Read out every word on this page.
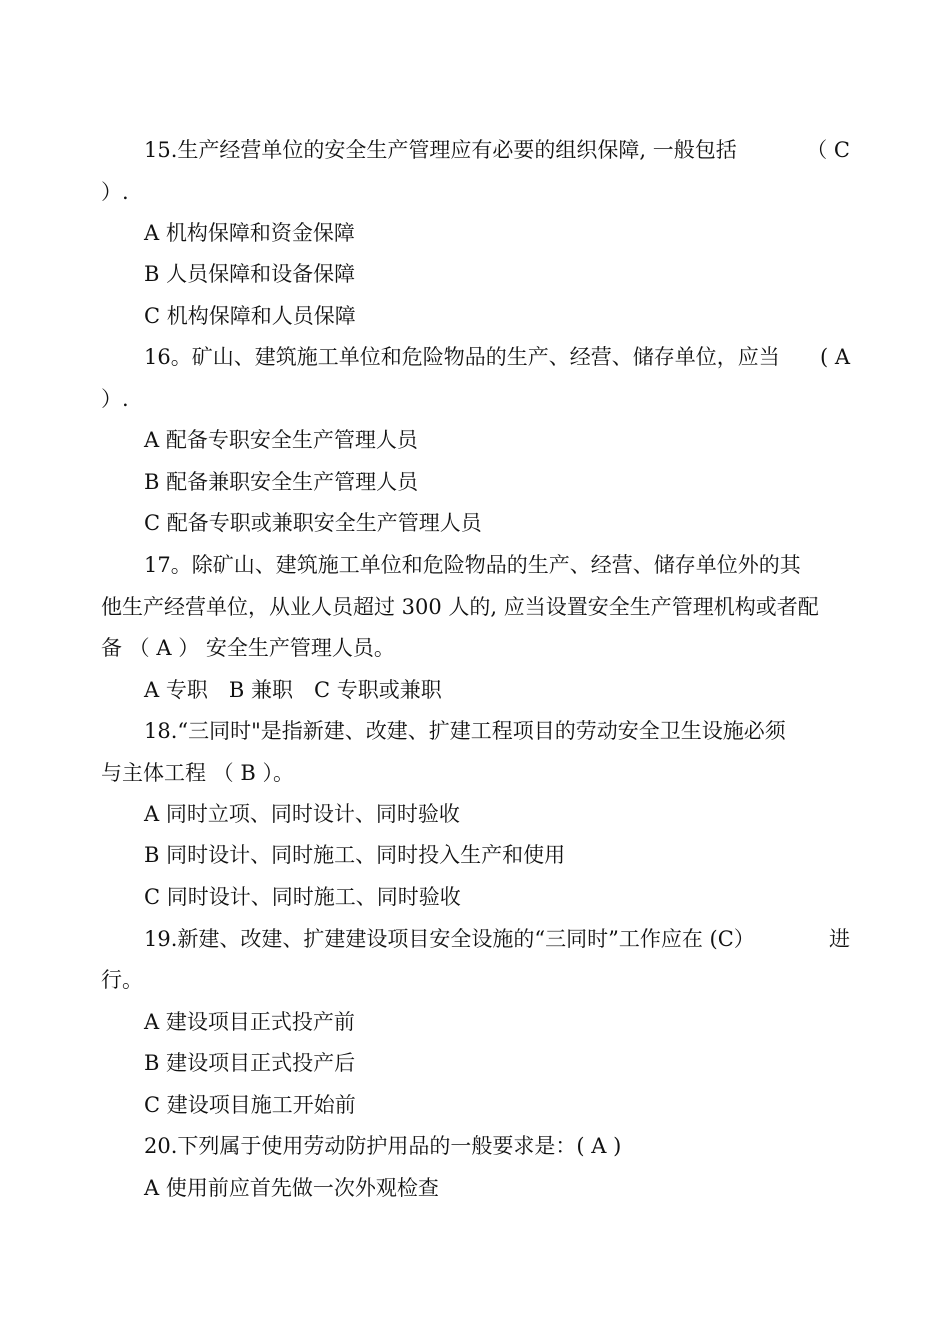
15.生产经营单位的安全生产管理应有必要的组织保障, 一般包括	（ C
）.
A 机构保障和资金保障
B 人员保障和设备保障
C 机构保障和人员保障
16。矿山、建筑施工单位和危险物品的生产、经营、储存单位，应当 ( A
）.
A 配备专职安全生产管理人员
B 配备兼职安全生产管理人员
C 配备专职或兼职安全生产管理人员
17。除矿山、建筑施工单位和危险物品的生产、经营、储存单位外的其
他生产经营单位，从业人员超过 300 人的, 应当设置安全生产管理机构或者配
备 （ A ） 安全生产管理人员。
A 专职　B 兼职　C 专职或兼职
18.“三同时"是指新建、改建、扩建工程项目的劳动安全卫生设施必须
与主体工程 （ B ）。
A 同时立项、同时设计、同时验收
B 同时设计、同时施工、同时投入生产和使用
C 同时设计、同时施工、同时验收
19.新建、改建、扩建建设项目安全设施的“三同时”工作应在 (C）	进
行。
A 建设项目正式投产前
B 建设项目正式投产后
C 建设项目施工开始前
20.下列属于使用劳动防护用品的一般要求是：( A )
A 使用前应首先做一次外观检查
